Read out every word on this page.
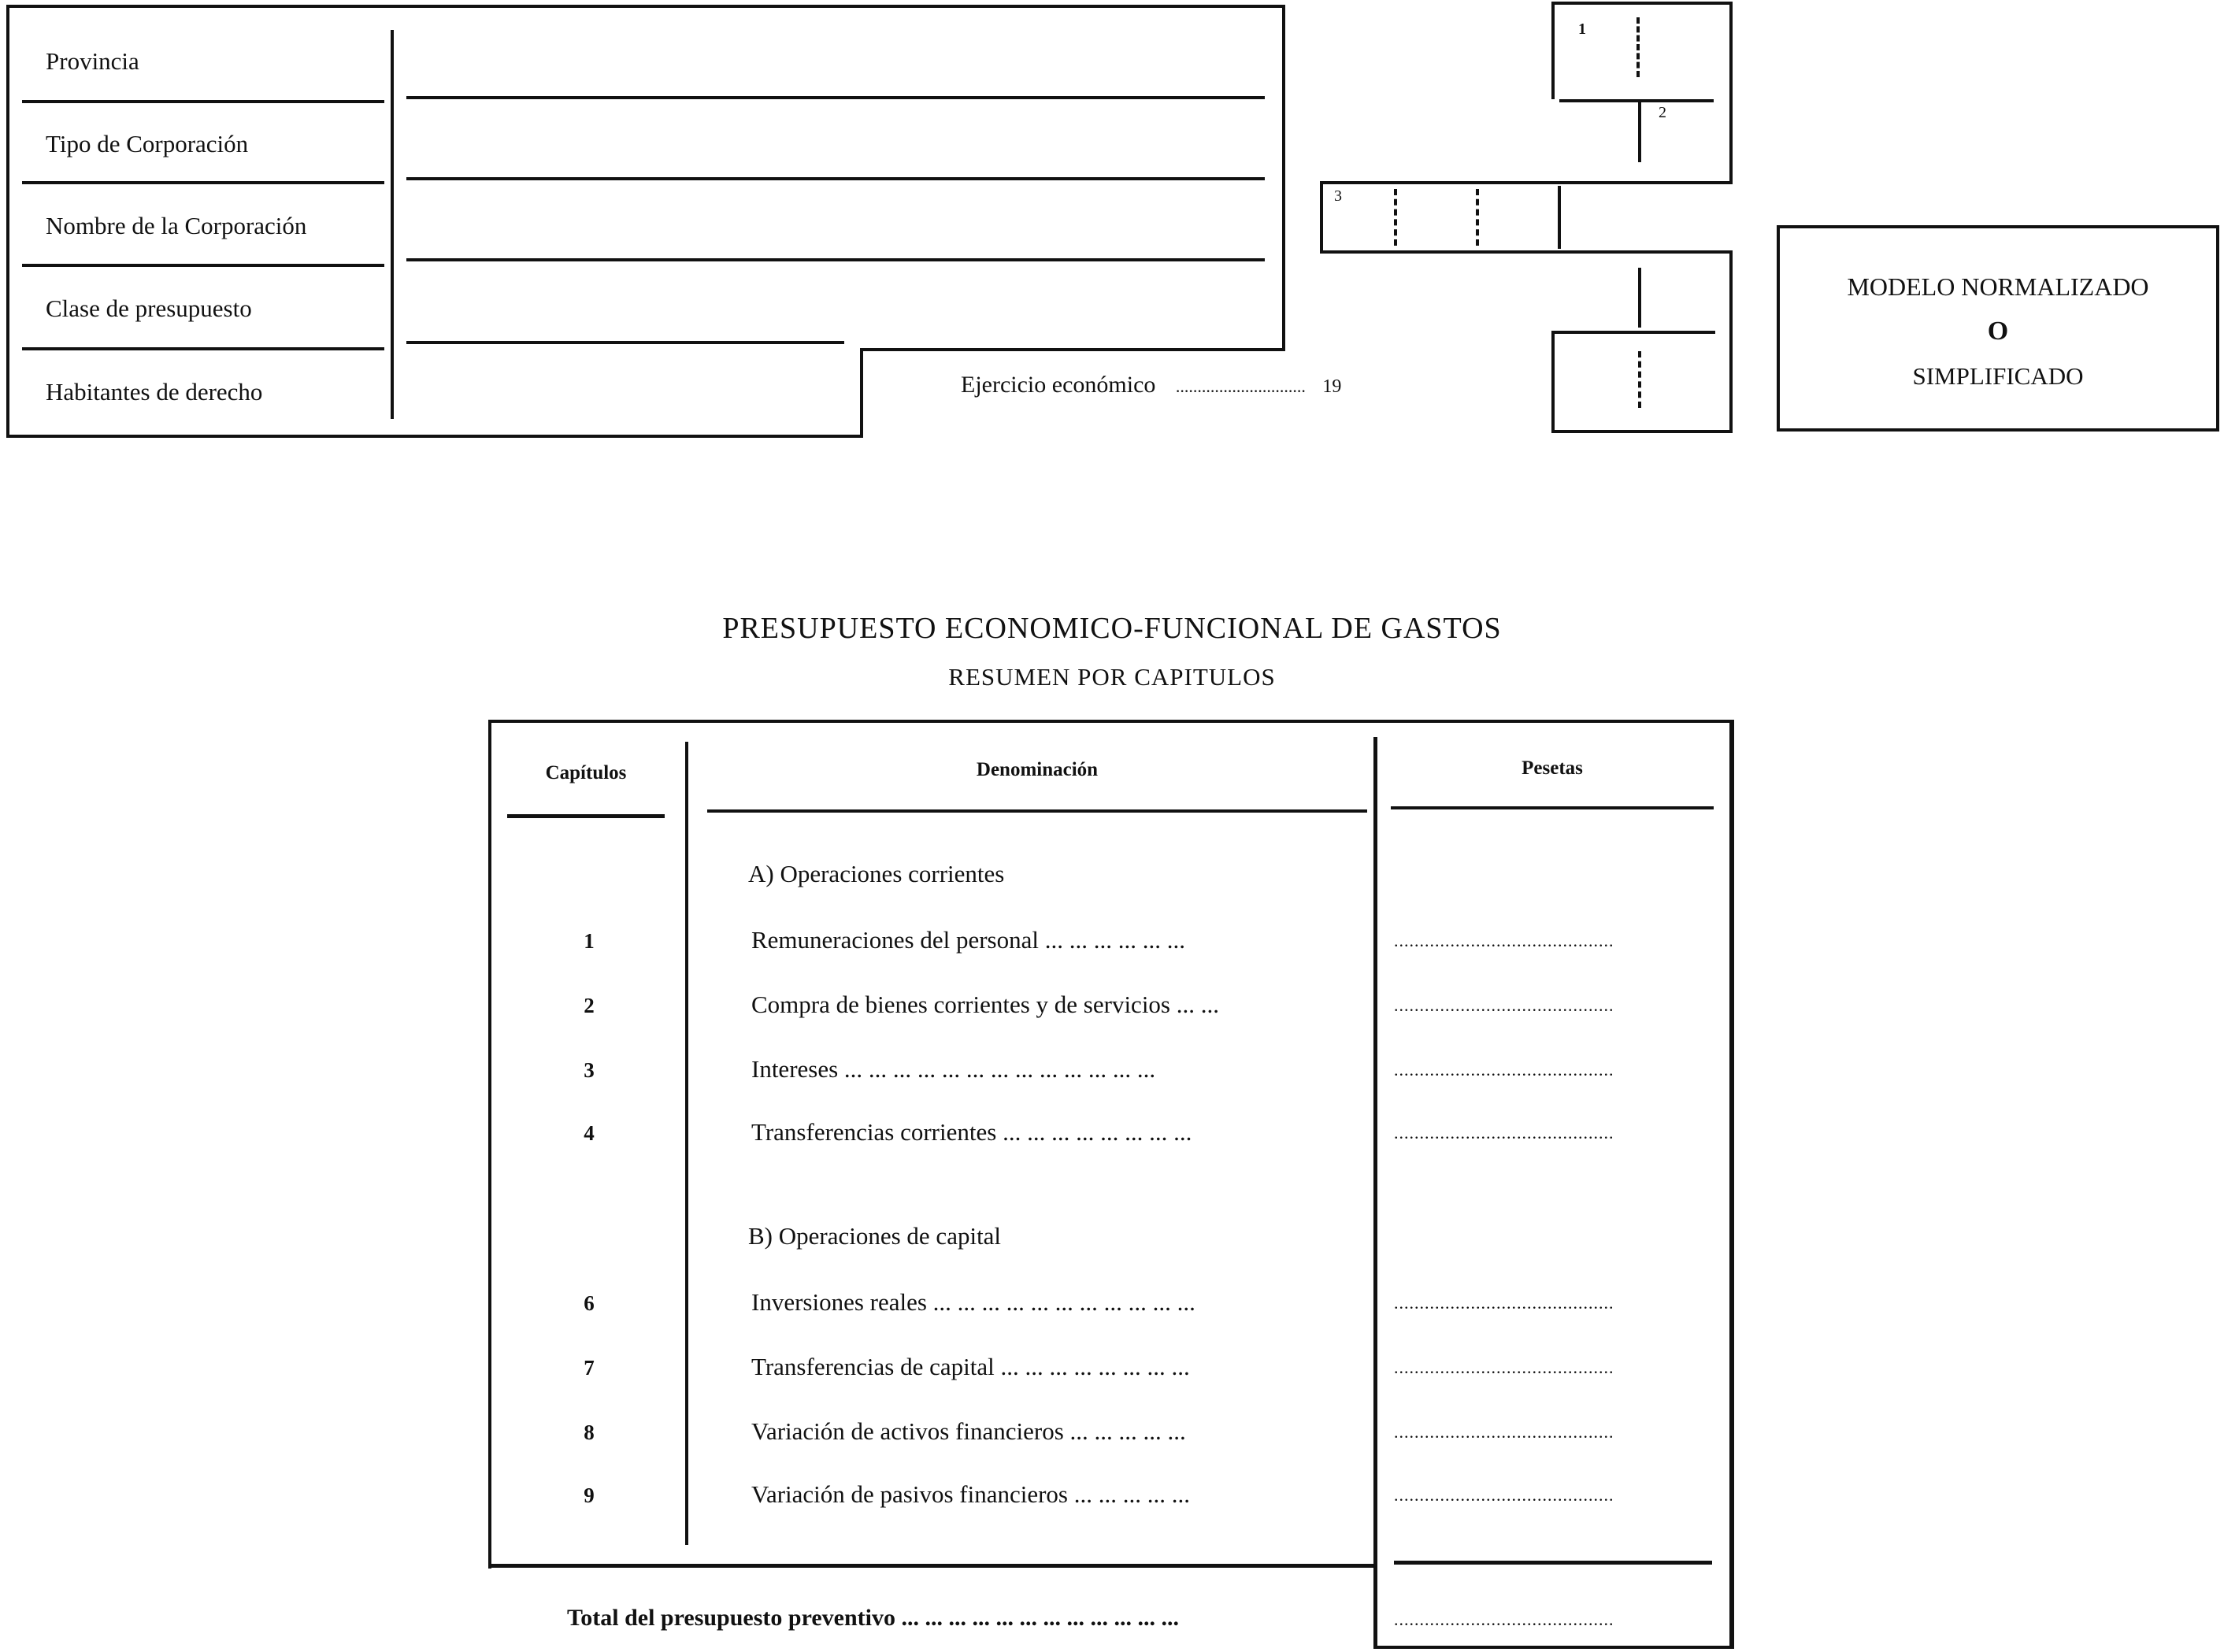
Provincia
Tipo de Corporación
Nombre de la Corporación
Clase de presupuesto
Habitantes de derecho	Ejercicio económico .............................. 19
1
2
3
MODELO NORMALIZADO
O
SIMPLIFICADO
PRESUPUESTO ECONOMICO-FUNCIONAL DE GASTOS
RESUMEN POR CAPITULOS
Capítulos	Denominación	Pesetas
A) Operaciones corrientes
1	Remuneraciones del personal ... ... ... ... ... ...	...........................................
2	Compra de bienes corrientes y de servicios ... ...	...........................................
3	Intereses ... ... ... ... ... ... ... ... ... ... ... ... ...	...........................................
4	Transferencias corrientes ... ... ... ... ... ... ... ...	...........................................
B) Operaciones de capital
6	Inversiones reales ... ... ... ... ... ... ... ... ... ... ...	...........................................
7	Transferencias de capital ... ... ... ... ... ... ... ...	...........................................
8	Variación de activos financieros ... ... ... ... ...	...........................................
9	Variación de pasivos financieros ... ... ... ... ...	...........................................
Total del presupuesto preventivo ... ... ... ... ... ... ... ... ... ... ... ...	...........................................
